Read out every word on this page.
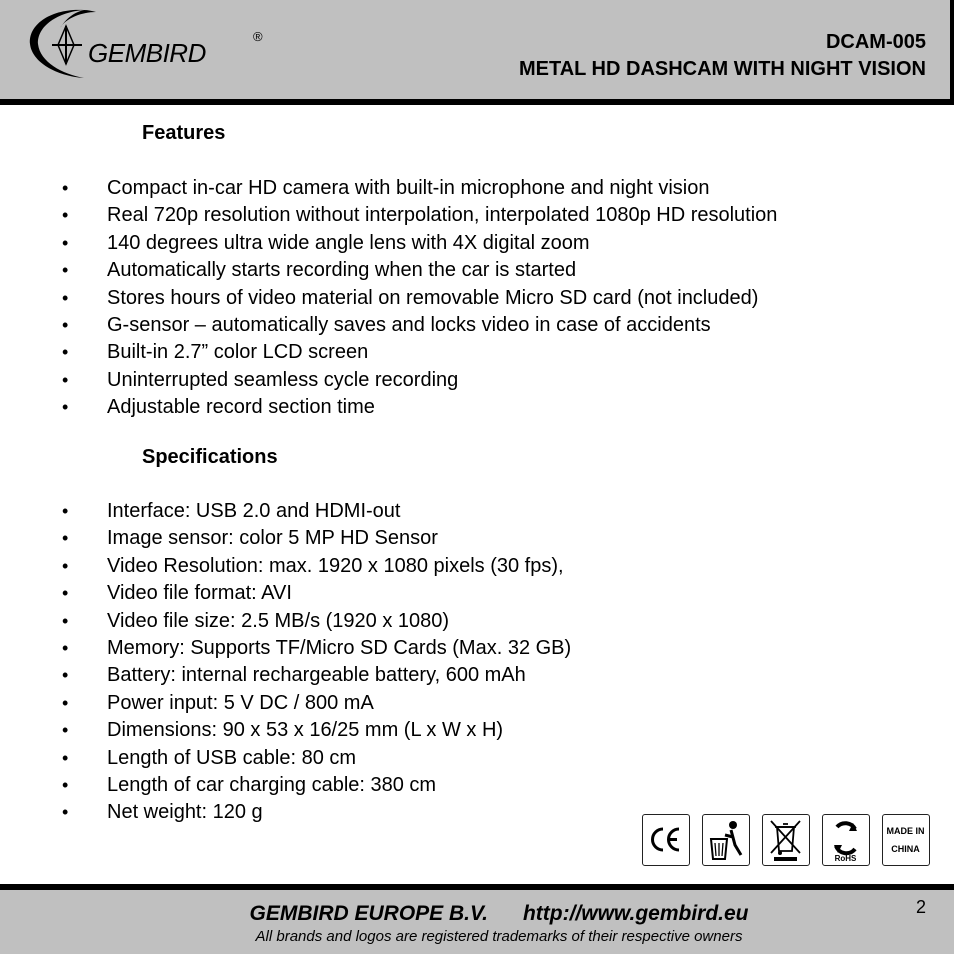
GEMBIRD
®	DCAM-005
METAL HD DASHCAM WITH NIGHT VISION
Features
• Compact in-car HD camera with built-in microphone and night vision
• Real 720p resolution without interpolation, interpolated 1080p HD resolution
• 140 degrees ultra wide angle lens with 4X digital zoom
• Automatically starts recording when the car is started
• Stores hours of video material on removable Micro SD card (not included)
• G-sensor – automatically saves and locks video in case of accidents
• Built-in 2.7” color LCD screen
• Uninterrupted seamless cycle recording
• Adjustable record section time
Specifications
• Interface: USB 2.0 and HDMI-out
• Image sensor: color 5 MP HD Sensor
• Video Resolution: max. 1920 x 1080 pixels (30 fps),
• Video file format: AVI
• Video file size: 2.5 MB/s (1920 x 1080)
• Memory: Supports TF/Micro SD Cards (Max. 32 GB)
• Battery: internal rechargeable battery, 600 mAh
• Power input: 5 V DC / 800 mA
• Dimensions: 90 x 53 x 16/25 mm (L x W x H)
• Length of USB cable: 80 cm
• Length of car charging cable: 380 cm
• Net weight: 120 g
RoHS
MADE IN
CHINA
GEMBIRD EUROPE B.V. http://www.gembird.eu
All brands and logos are registered trademarks of their respective owners
2
